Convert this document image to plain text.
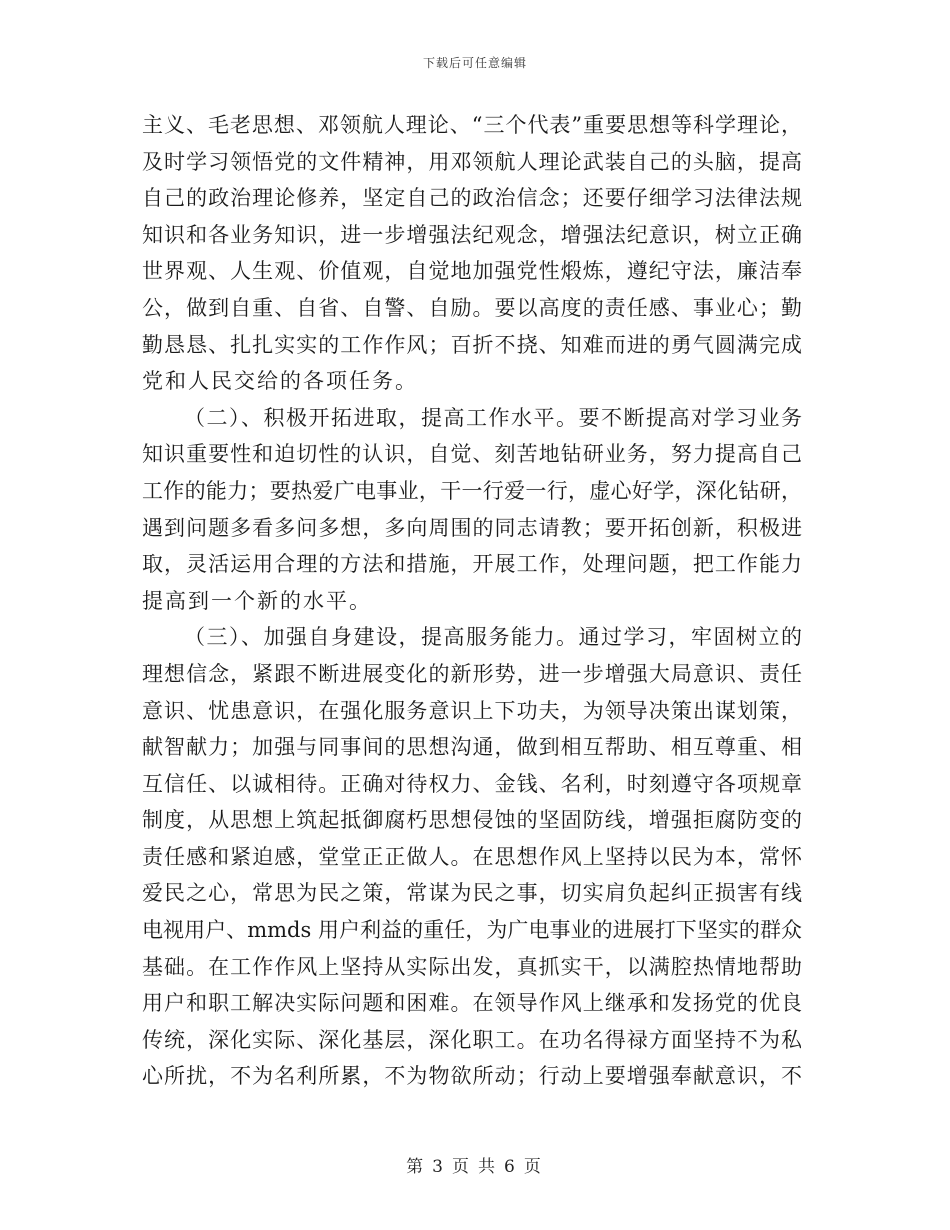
下载后可任意编辑
主义、毛老思想、邓领航人理论、“三个代表”重要思想等科学理论，
及时学习领悟党的文件精神，用邓领航人理论武装自己的头脑，提高
自己的政治理论修养，坚定自己的政治信念；还要仔细学习法律法规
知识和各业务知识，进一步增强法纪观念，增强法纪意识，树立正确
世界观、人生观、价值观，自觉地加强党性煅炼，遵纪守法，廉洁奉
公，做到自重、自省、自警、自励。要以高度的责任感、事业心；勤
勤恳恳、扎扎实实的工作作风；百折不挠、知难而进的勇气圆满完成
党和人民交给的各项任务。
（二）、积极开拓进取，提高工作水平。要不断提高对学习业务
知识重要性和迫切性的认识，自觉、刻苦地钻研业务，努力提高自己
工作的能力；要热爱广电事业，干一行爱一行，虚心好学，深化钻研，
遇到问题多看多问多想，多向周围的同志请教；要开拓创新，积极进
取，灵活运用合理的方法和措施，开展工作，处理问题，把工作能力
提高到一个新的水平。
（三）、加强自身建设，提高服务能力。通过学习，牢固树立的
理想信念，紧跟不断进展变化的新形势，进一步增强大局意识、责任
意识、忧患意识，在强化服务意识上下功夫，为领导决策出谋划策，
献智献力；加强与同事间的思想沟通，做到相互帮助、相互尊重、相
互信任、以诚相待。正确对待权力、金钱、名利，时刻遵守各项规章
制度，从思想上筑起抵御腐朽思想侵蚀的坚固防线，增强拒腐防变的
责任感和紧迫感，堂堂正正做人。在思想作风上坚持以民为本，常怀
爱民之心，常思为民之策，常谋为民之事，切实肩负起纠正损害有线
电视用户、mmds 用户利益的重任，为广电事业的进展打下坚实的群众
基础。在工作作风上坚持从实际出发，真抓实干，以满腔热情地帮助
用户和职工解决实际问题和困难。在领导作风上继承和发扬党的优良
传统，深化实际、深化基层，深化职工。在功名得禄方面坚持不为私
心所扰，不为名利所累，不为物欲所动；行动上要增强奉献意识，不
第 3 页 共 6 页
